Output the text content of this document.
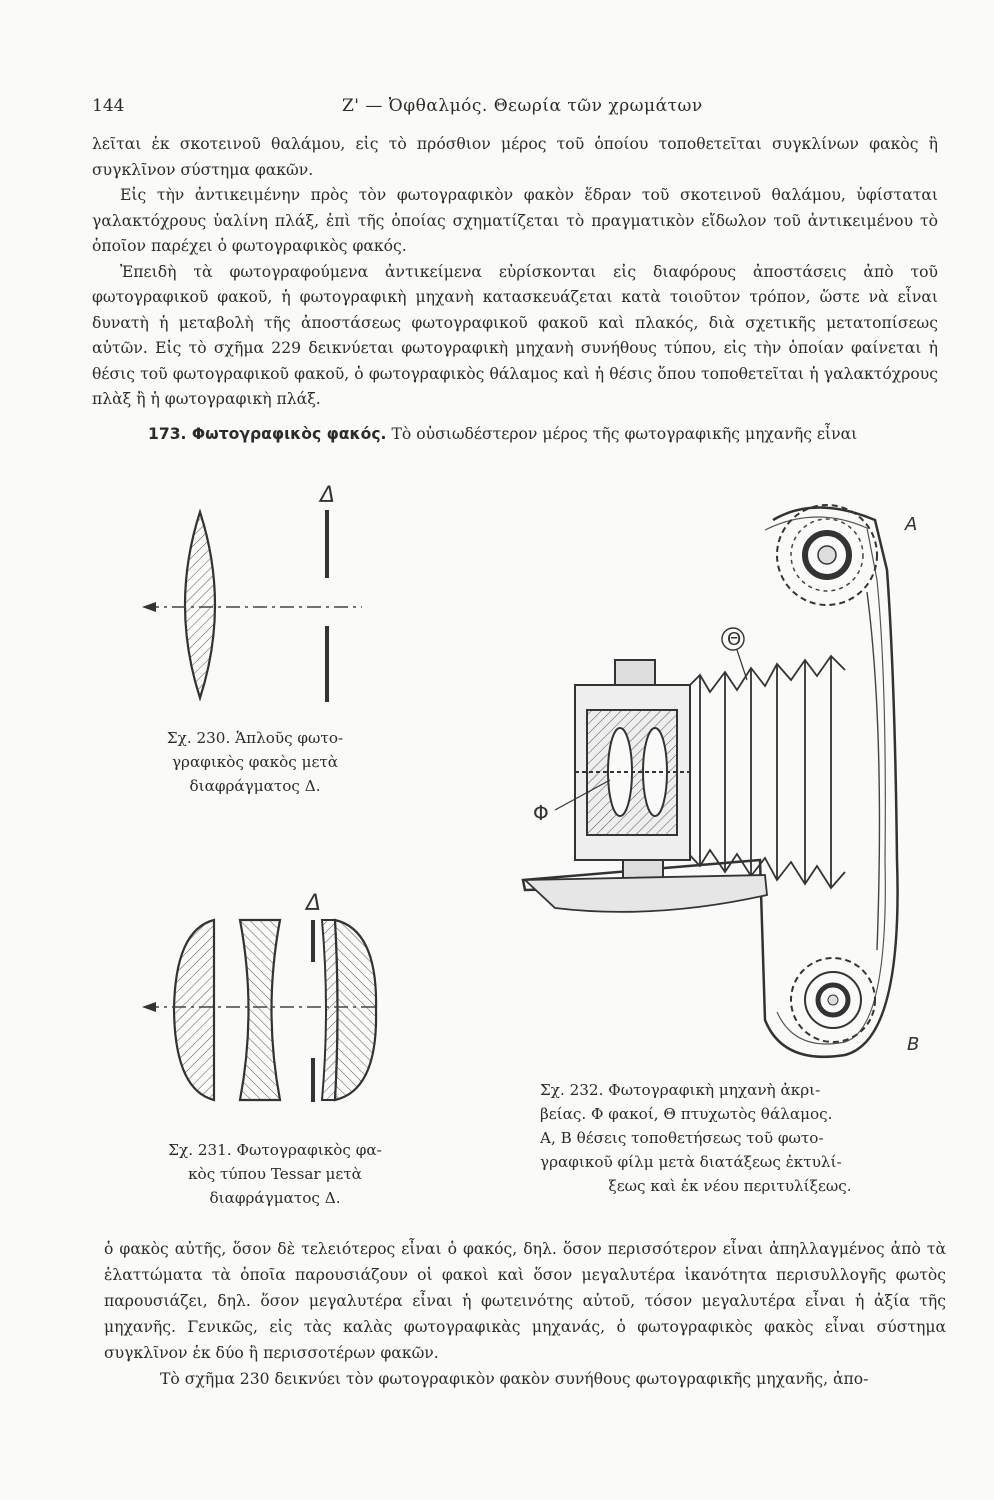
144	Ζ' — Ὀφθαλμός. Θεωρία τῶν χρωμάτων

λεῖται ἐκ σκοτεινοῦ θαλάμου, εἰς τὸ πρόσθιον μέρος τοῦ ὁποίου τοποθετεῖται συγκλίνων φακὸς ἢ συγκλῖνον σύστημα φακῶν.

Εἰς τὴν ἀντικειμένην πρὸς τὸν φωτογραφικὸν φακὸν ἕδραν τοῦ σκοτεινοῦ θαλάμου, ὑφίσταται γαλακτόχρους ὑαλίνη πλάξ, ἐπὶ τῆς ὁποίας σχηματίζεται τὸ πραγματικὸν εἴδωλον τοῦ ἀντικειμένου τὸ ὁποῖον παρέχει ὁ φωτογραφικὸς φακός.

Ἐπειδὴ τὰ φωτογραφούμενα ἀντικείμενα εὑρίσκονται εἰς διαφόρους ἀποστάσεις ἀπὸ τοῦ φωτογραφικοῦ φακοῦ, ἡ φωτογραφικὴ μηχανὴ κατασκευάζεται κατὰ τοιοῦτον τρόπον, ὥστε νὰ εἶναι δυνατὴ ἡ μεταβολὴ τῆς ἀποστάσεως φωτογραφικοῦ φακοῦ καὶ πλακός, διὰ σχετικῆς μετατοπίσεως αὐτῶν. Εἰς τὸ σχῆμα 229 δεικνύεται φωτογραφικὴ μηχανὴ συνήθους τύπου, εἰς τὴν ὁποίαν φαίνεται ἡ θέσις τοῦ φωτογραφικοῦ φακοῦ, ὁ φωτογραφικὸς θάλαμος καὶ ἡ θέσις ὅπου τοποθετεῖται ἡ γαλακτόχρους πλὰξ ἢ ἡ φωτογραφικὴ πλάξ.

173. Φωτογραφικὸς φακός. Τὸ οὐσιωδέστερον μέρος τῆς φωτογραφικῆς μηχανῆς εἶναι
Δ
Σχ. 230. Ἁπλοῦς φωτο-
γραφικὸς φακὸς μετὰ
διαφράγματος Δ.
Δ
Σχ. 231. Φωτογραφικὸς φα-
κὸς τύπου Tessar μετὰ
διαφράγματος Δ.
A
B
Θ
Φ
Σχ. 232. Φωτογραφικὴ μηχανὴ ἀκρι-
βείας. Φ φακοί, Θ πτυχωτὸς θάλαμος.
A, B θέσεις τοποθετήσεως τοῦ φωτο-
γραφικοῦ φίλμ μετὰ διατάξεως ἐκτυλί-
ξεως καὶ ἐκ νέου περιτυλίξεως.

ὁ φακὸς αὐτῆς, ὅσον δὲ τελειότερος εἶναι ὁ φακός, δηλ. ὅσον περισσότερον εἶναι ἀπηλλαγμένος ἀπὸ τὰ ἐλαττώματα τὰ ὁποῖα παρουσιάζουν οἱ φακοὶ καὶ ὅσον μεγαλυτέρα ἱκανότητα περισυλλογῆς φωτὸς παρουσιάζει, δηλ. ὅσον μεγαλυτέρα εἶναι ἡ φωτεινότης αὐτοῦ, τόσον μεγαλυτέρα εἶναι ἡ ἀξία τῆς μηχανῆς. Γενικῶς, εἰς τὰς καλὰς φωτογραφικὰς μηχανάς, ὁ φωτογραφικὸς φακὸς εἶναι σύστημα συγκλῖνον ἐκ δύο ἢ περισσοτέρων φακῶν.

Τὸ σχῆμα 230 δεικνύει τὸν φωτογραφικὸν φακὸν συνήθους φωτογραφικῆς μηχανῆς, ἀπο-
